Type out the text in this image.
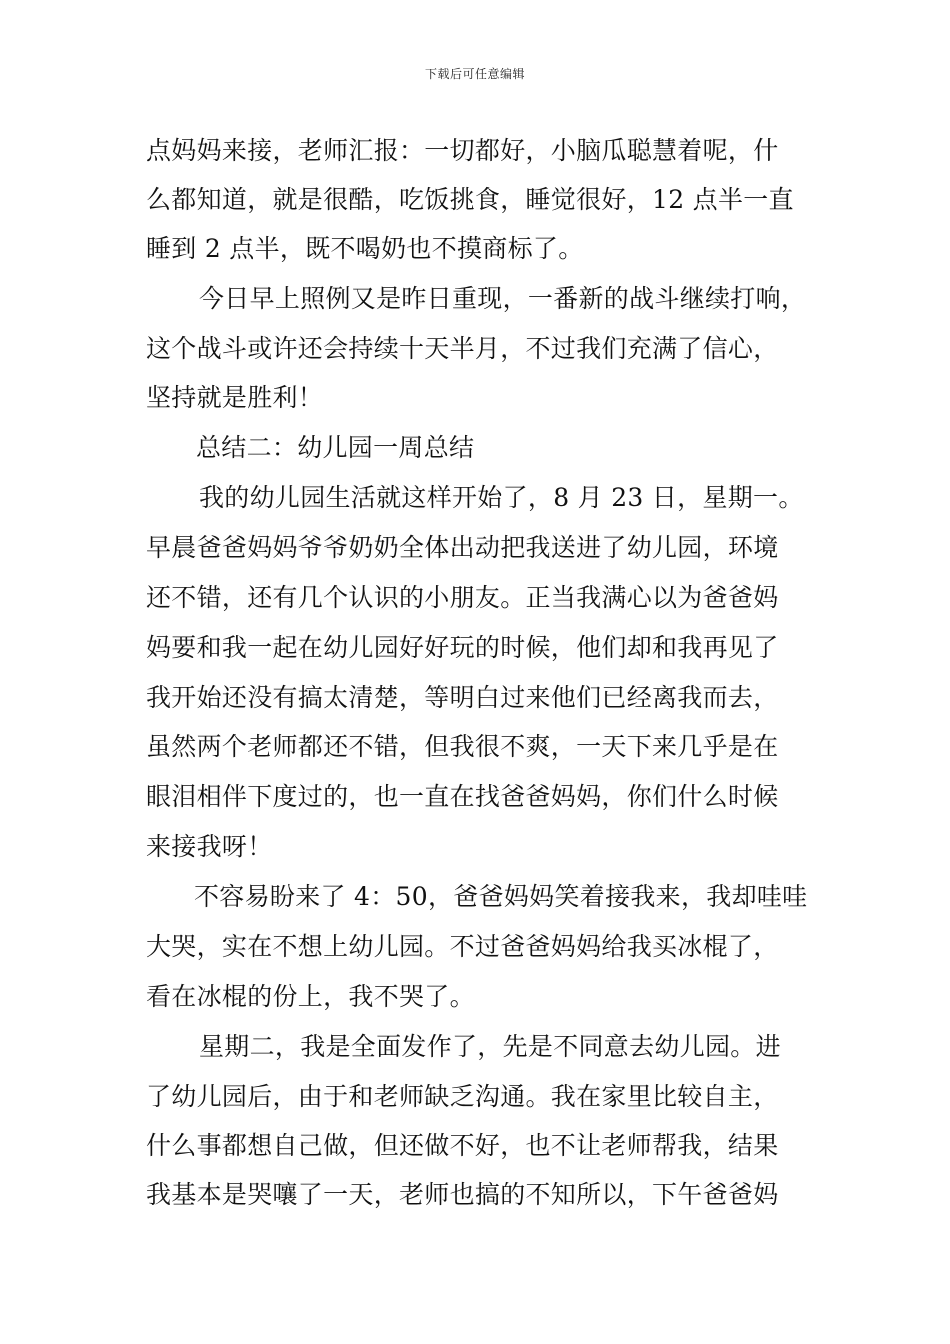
下载后可任意编辑
点妈妈来接，老师汇报：一切都好，小脑瓜聪慧着呢，什
么都知道，就是很酷，吃饭挑食，睡觉很好，12 点半一直
睡到 2 点半，既不喝奶也不摸商标了。
今日早上照例又是昨日重现，一番新的战斗继续打响，
这个战斗或许还会持续十天半月，不过我们充满了信心，
坚持就是胜利！
总结二：幼儿园一周总结
我的幼儿园生活就这样开始了，8 月 23 日，星期一。
早晨爸爸妈妈爷爷奶奶全体出动把我送进了幼儿园，环境
还不错，还有几个认识的小朋友。正当我满心以为爸爸妈
妈要和我一起在幼儿园好好玩的时候，他们却和我再见了
我开始还没有搞太清楚，等明白过来他们已经离我而去，
虽然两个老师都还不错，但我很不爽，一天下来几乎是在
眼泪相伴下度过的，也一直在找爸爸妈妈，你们什么时候
来接我呀！
不容易盼来了 4：50，爸爸妈妈笑着接我来，我却哇哇
大哭，实在不想上幼儿园。不过爸爸妈妈给我买冰棍了，
看在冰棍的份上，我不哭了。
星期二，我是全面发作了，先是不同意去幼儿园。进
了幼儿园后，由于和老师缺乏沟通。我在家里比较自主，
什么事都想自己做，但还做不好，也不让老师帮我，结果
我基本是哭嚷了一天，老师也搞的不知所以，下午爸爸妈
